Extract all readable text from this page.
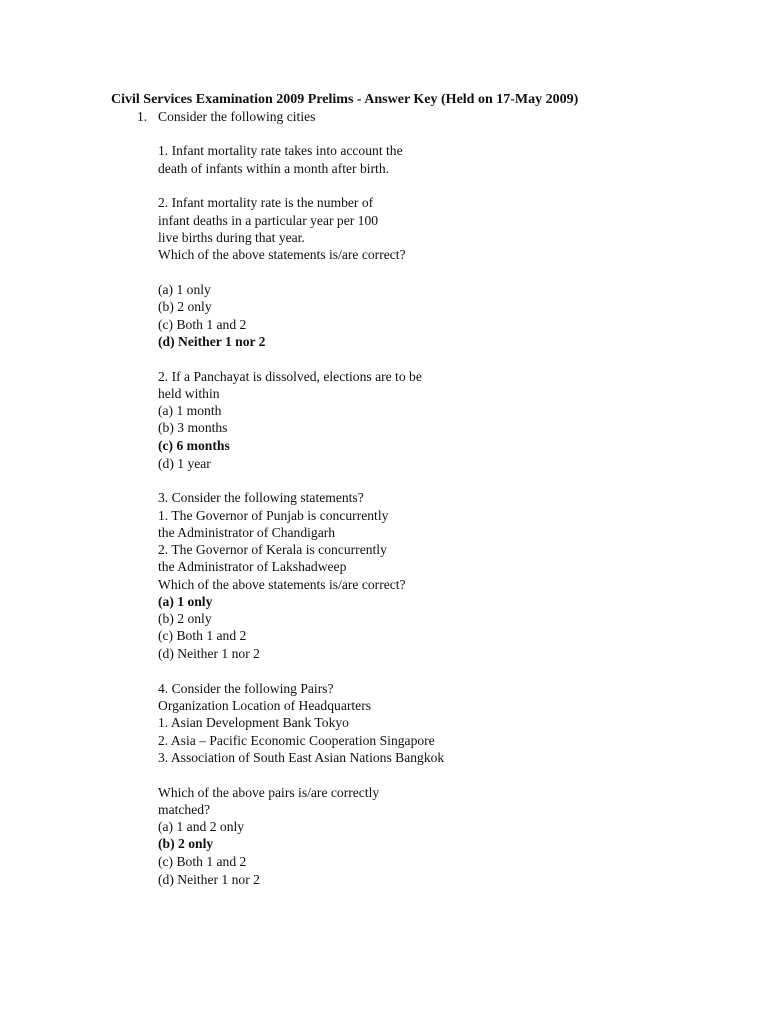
Civil Services Examination 2009 Prelims - Answer Key (Held on 17-May 2009)
1. Consider the following cities
1. Infant mortality rate takes into account the
death of infants within a month after birth.
2. Infant mortality rate is the number of
infant deaths in a particular year per 100
live births during that year.
Which of the above statements is/are correct?
(a) 1 only
(b) 2 only
(c) Both 1 and 2
(d) Neither 1 nor 2
2. If a Panchayat is dissolved, elections are to be
held within
(a) 1 month
(b) 3 months
(c) 6 months
(d) 1 year
3. Consider the following statements?
1. The Governor of Punjab is concurrently
the Administrator of Chandigarh
2. The Governor of Kerala is concurrently
the Administrator of Lakshadweep
Which of the above statements is/are correct?
(a) 1 only
(b) 2 only
(c) Both 1 and 2
(d) Neither 1 nor 2
4. Consider the following Pairs?
Organization Location of Headquarters
1. Asian Development Bank Tokyo
2. Asia – Pacific Economic Cooperation Singapore
3. Association of South East Asian Nations Bangkok
Which of the above pairs is/are correctly
matched?
(a) 1 and 2 only
(b) 2 only
(c) Both 1 and 2
(d) Neither 1 nor 2
